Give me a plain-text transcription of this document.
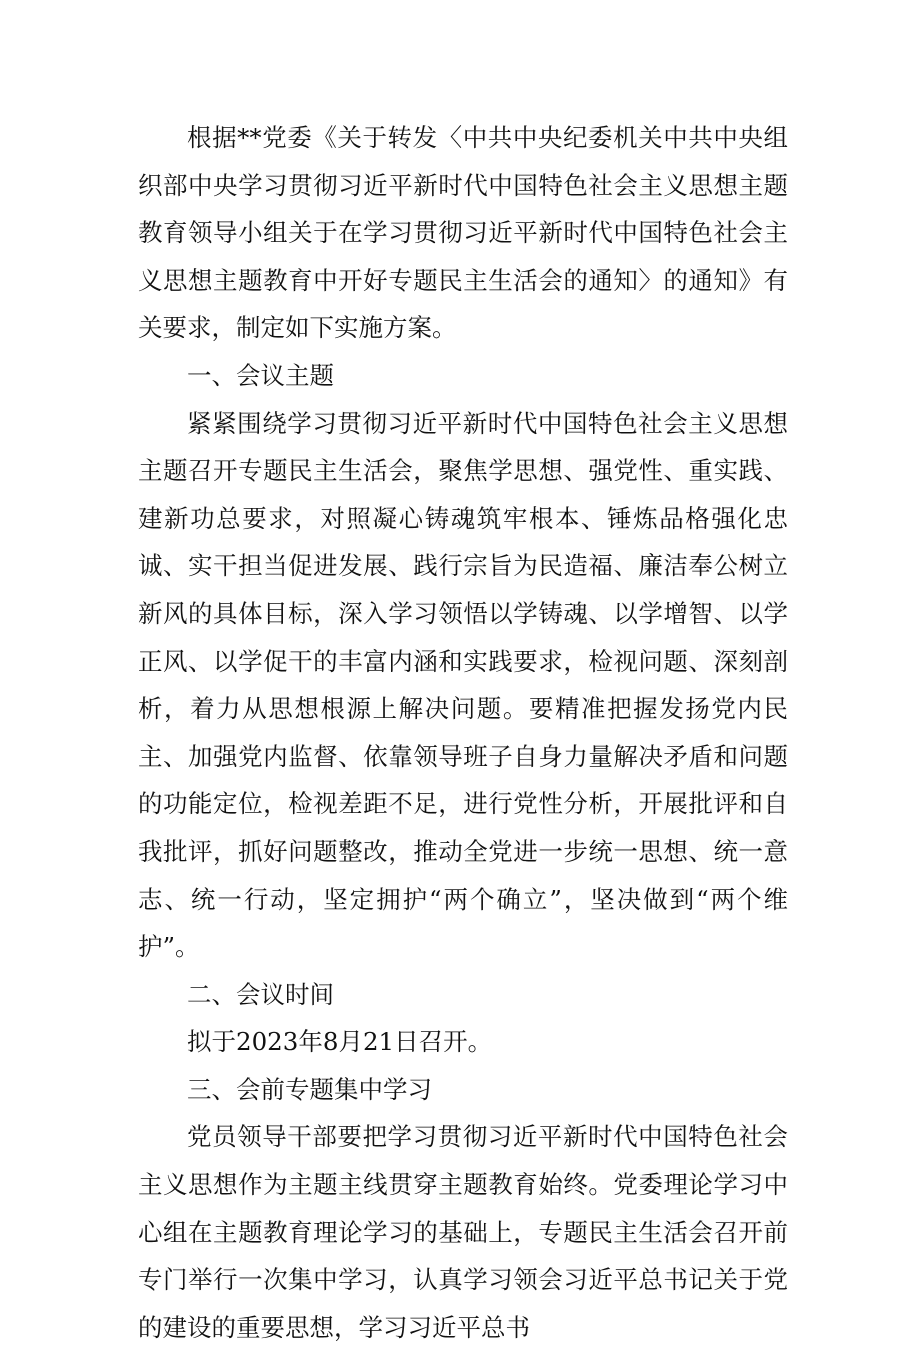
根据**党委《关于转发〈中共中央纪委机关中共中央组织部中央学习贯彻习近平新时代中国特色社会主义思想主题教育领导小组关于在学习贯彻习近平新时代中国特色社会主义思想主题教育中开好专题民主生活会的通知〉的通知》有关要求，制定如下实施方案。

一、会议主题

紧紧围绕学习贯彻习近平新时代中国特色社会主义思想主题召开专题民主生活会，聚焦学思想、强党性、重实践、建新功总要求，对照凝心铸魂筑牢根本、锤炼品格强化忠诚、实干担当促进发展、践行宗旨为民造福、廉洁奉公树立新风的具体目标，深入学习领悟以学铸魂、以学增智、以学正风、以学促干的丰富内涵和实践要求，检视问题、深刻剖析，着力从思想根源上解决问题。要精准把握发扬党内民主、加强党内监督、依靠领导班子自身力量解决矛盾和问题的功能定位，检视差距不足，进行党性分析，开展批评和自我批评，抓好问题整改，推动全党进一步统一思想、统一意志、统一行动，坚定拥护“两个确立”，坚决做到“两个维护”。

二、会议时间

拟于2023年8月21日召开。

三、会前专题集中学习

党员领导干部要把学习贯彻习近平新时代中国特色社会主义思想作为主题主线贯穿主题教育始终。党委理论学习中心组在主题教育理论学习的基础上，专题民主生活会召开前专门举行一次集中学习，认真学习领会习近平总书记关于党的建设的重要思想，学习习近平总书
